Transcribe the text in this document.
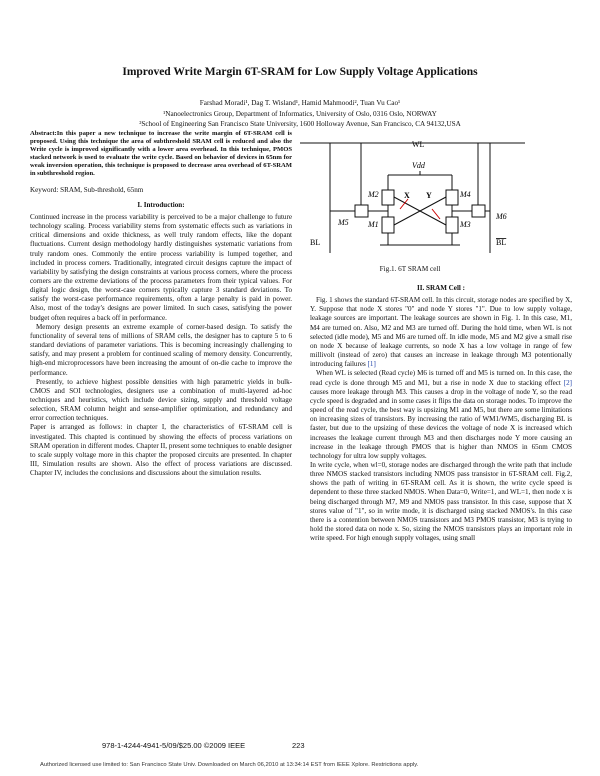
Improved Write Margin 6T-SRAM for Low Supply Voltage Applications
Farshad Moradi¹, Dag T. Wisland¹, Hamid Mahmoodi², Tuan Vu Cao¹
¹Nanoelectronics Group, Department of Informatics, University of Oslo, 0316 Oslo, NORWAY
²School of Engineering San Francisco State University, 1600 Holloway Avenue, San Francisco, CA 94132,USA

Abstract:In this paper a new technique to increase the write margin of 6T-SRAM cell is proposed. Using this technique the area of subthreshold SRAM cell is reduced and also the Write cycle is improved significantly with a lower area overhead. In this technique, PMOS stacked network is used to evaluate the write cycle. Based on behavior of devices in 65nm for weak inversion operation, this technique is proposed to decrease area overhead of 6T-SRAM in subthreshold region.

Keyword: SRAM, Sub-threshold, 65nm

I. Introduction:

Continued increase in the process variability is perceived to be a major challenge to future technology scaling. Process variability stems from systematic effects such as variations in critical dimensions and oxide thickness, as well truly random effects, like the dopant fluctuations. Current design methodology hardly distinguishes systematic variations from truly random ones. Commonly the entire process variability is lumped together, and included in process corners. Traditionally, integrated circuit designs capture the impact of variability by satisfying the design constraints at various process corners, where the process corners are the extreme deviations of the process parameters from their typical values. For digital logic design, the worst-case corners typically capture 3 standard deviations. To satisfy the worst-case performance requirements, often a large penalty is paid in power. Also, most of the today's designs are power limited. In such cases, satisfying the power budget often requires a back off in performance.

Memory design presents an extreme example of corner-based design. To satisfy the functionality of several tens of millions of SRAM cells, the designer has to capture 5 to 6 standard deviations of parameter variations. This is becoming increasingly challenging to satisfy, and may present a problem for continued scaling of memory density. Concurrently, high-end microprocessors have been increasing the amount of on-die cache to improve the performance.

Presently, to achieve highest possible densities with high parametric yields in bulk-CMOS and SOI technologies, designers use a combination of multi-layered ad-hoc techniques and heuristics, which include device sizing, supply and threshold voltage selection, SRAM column height and sense-amplifier optimization, and redundancy and error correction techniques.

Paper is arranged as follows: in chapter I, the characteristics of 6T-SRAM cell is investigated. This chapted is continued by showing the effects of process variations on SRAM operation in different modes. Chapter II, present some techniques to enable designer to scale supply voltage more in this chapter the proposed circuits are presented. In chapter III, Simulation results are shown. Also the effect of process variations are discussed. Chapter IV, includes the conclusions and discussions about the simulation results.

WL
Vdd
M2	M4
X Y
M5 M1	M3
M6
BL	BL
Fig.1. 6T SRAM cell
II. SRAM Cell :

Fig. 1 shows the standard 6T-SRAM cell. In this circuit, storage nodes are specified by X, Y. Suppose that node X stores "0" and node Y stores "1". Due to low supply voltage, leakage sources are important. The leakage sources are shown in Fig. 1. In this case, M1, M4 are turned on. Also, M2 and M3 are turned off. During the hold time, when WL is not selected (idle mode), M5 and M6 are turned off. In idle mode, M5 and M2 give a small rise on node X because of leakage currents, so node X has a low voltage in range of few millivolt (instead of zero) that causes an increase in leakage through M3 potentionally introducing failures [1]

When WL is selected (Read cycle) M6 is turned off and M5 is turned on. In this case, the read cycle is done through M5 and M1, but a rise in node X due to stacking effect [2] causes more leakage through M3. This causes a drop in the voltage of node Y, so the read cycle speed is degraded and in some cases it flips the data on storage nodes. To improve the speed of the read cycle, the best way is upsizing M1 and M5, but there are some limitations on increasing sizes of transistors. By increasing the ratio of WM1/WM5, discharging BL is faster, but due to the upsizing of these devices the voltage of node X is increased which increases the leakage current through M3 and then discharges node Y more causing an increase in the leakage through PMOS that is higher than NMOS in 65nm CMOS technology for ultra low supply voltages.

In write cycle, when wl=0, storage nodes are discharged through the write path that include three NMOS stacked transistors including NMOS pass transistor in 6T-SRAM cell. Fig.2, shows the path of writing in 6T-SRAM cell. As it is shown, the write cycle speed is dependent to these three stacked NMOS. When Data=0, Write=1, and WL=1, then node x is being discharged through M7, M9 and NMOS pass transistor. In this case, suppose that X stores value of "1", so in write mode, it is discharged using stacked NMOS's. In this case there is a contention between NMOS transistors and M3 PMOS transistor, M3 is trying to hold the stored data on node x. So, sizing the NMOS transistors plays an important role in write speed. For high enough supply voltages, using small

978-1-4244-4941-5/09/$25.00 ©2009 IEEE	223
Authorized licensed use limited to: San Francisco State Univ. Downloaded on March 06,2010 at 13:34:14 EST from IEEE Xplore. Restrictions apply.
